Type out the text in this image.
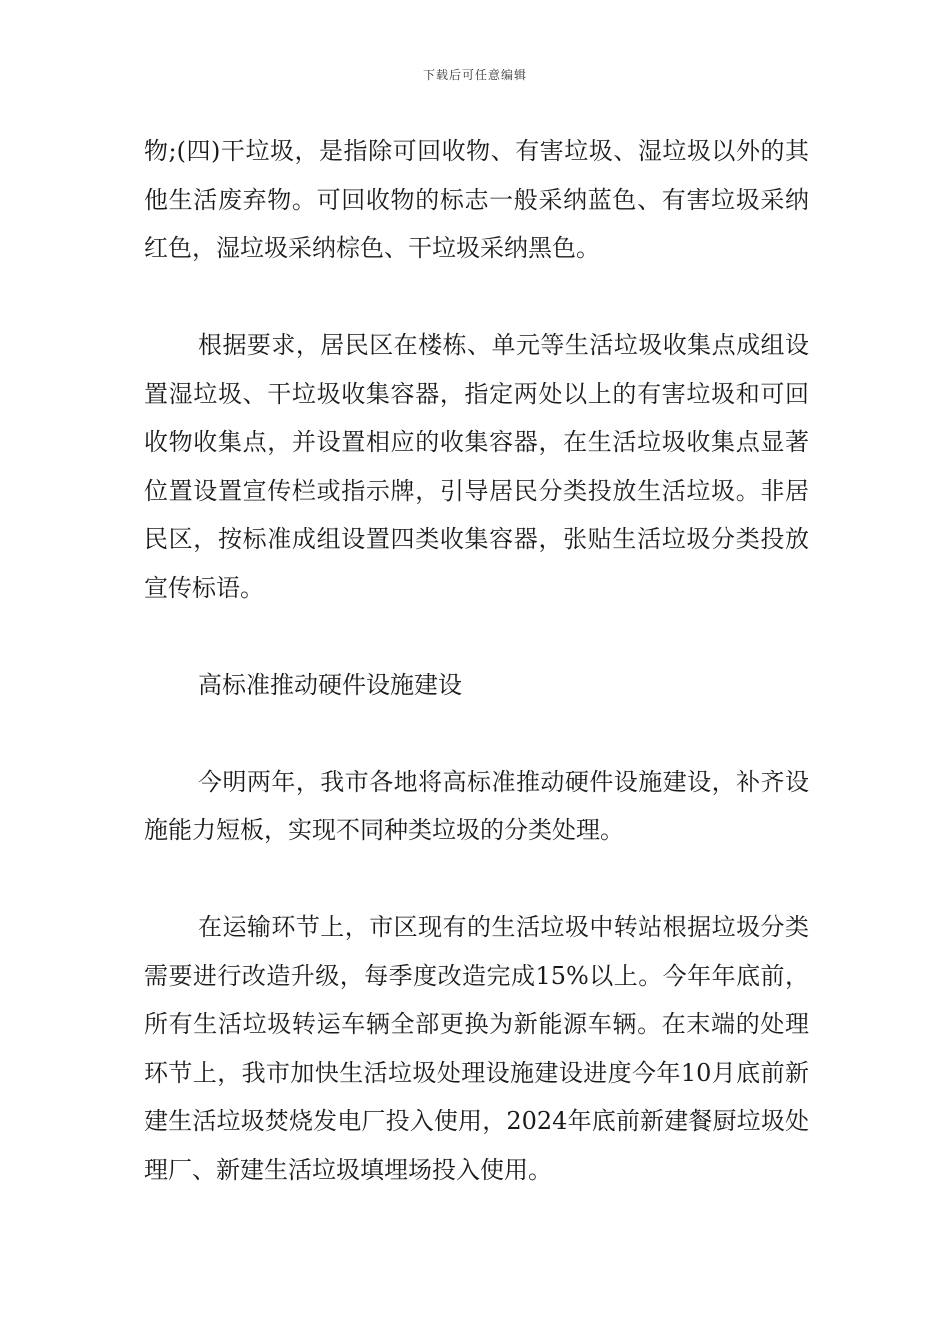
下载后可任意编辑

物;(四)干垃圾，是指除可回收物、有害垃圾、湿垃圾以外的其他生活废弃物。可回收物的标志一般采纳蓝色、有害垃圾采纳红色，湿垃圾采纳棕色、干垃圾采纳黑色。

根据要求，居民区在楼栋、单元等生活垃圾收集点成组设置湿垃圾、干垃圾收集容器，指定两处以上的有害垃圾和可回收物收集点，并设置相应的收集容器，在生活垃圾收集点显著位置设置宣传栏或指示牌，引导居民分类投放生活垃圾。非居民区，按标准成组设置四类收集容器，张贴生活垃圾分类投放宣传标语。

高标准推动硬件设施建设

今明两年，我市各地将高标准推动硬件设施建设，补齐设施能力短板，实现不同种类垃圾的分类处理。

在运输环节上，市区现有的生活垃圾中转站根据垃圾分类需要进行改造升级，每季度改造完成15%以上。今年年底前，所有生活垃圾转运车辆全部更换为新能源车辆。在末端的处理环节上，我市加快生活垃圾处理设施建设进度今年10月底前新建生活垃圾焚烧发电厂投入使用，2024年底前新建餐厨垃圾处理厂、新建生活垃圾填埋场投入使用。
